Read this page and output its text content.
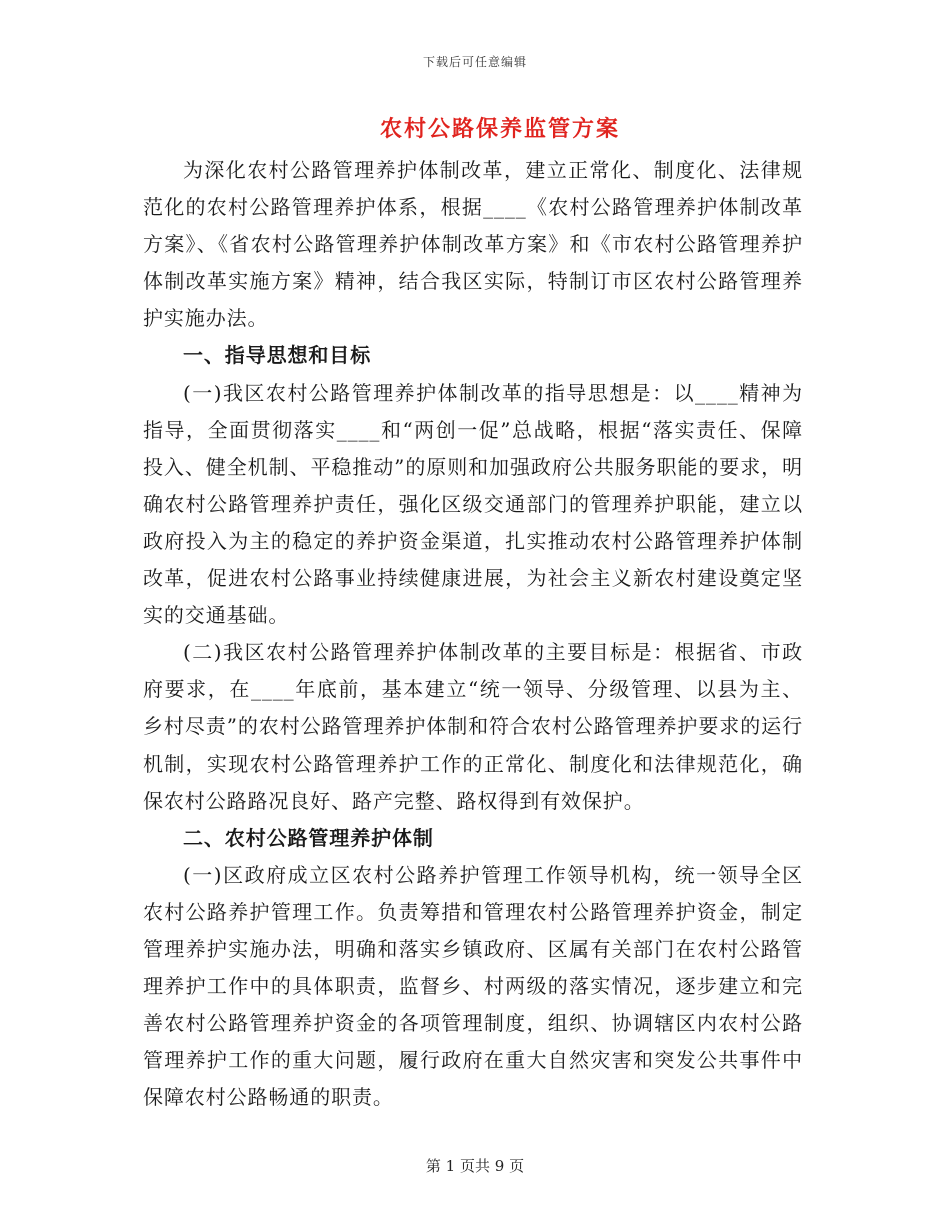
下载后可任意编辑
农村公路保养监管方案

为深化农村公路管理养护体制改革，建立正常化、制度化、法律规范化的农村公路管理养护体系，根据____《农村公路管理养护体制改革方案》、《省农村公路管理养护体制改革方案》和《市农村公路管理养护体制改革实施方案》精神，结合我区实际，特制订市区农村公路管理养护实施办法。

一、指导思想和目标

(一)我区农村公路管理养护体制改革的指导思想是：以____精神为指导，全面贯彻落实____和“两创一促”总战略，根据“落实责任、保障投入、健全机制、平稳推动”的原则和加强政府公共服务职能的要求，明确农村公路管理养护责任，强化区级交通部门的管理养护职能，建立以政府投入为主的稳定的养护资金渠道，扎实推动农村公路管理养护体制改革，促进农村公路事业持续健康进展，为社会主义新农村建设奠定坚实的交通基础。

(二)我区农村公路管理养护体制改革的主要目标是：根据省、市政府要求，在____年底前，基本建立“统一领导、分级管理、以县为主、乡村尽责”的农村公路管理养护体制和符合农村公路管理养护要求的运行机制，实现农村公路管理养护工作的正常化、制度化和法律规范化，确保农村公路路况良好、路产完整、路权得到有效保护。

二、农村公路管理养护体制

(一)区政府成立区农村公路养护管理工作领导机构，统一领导全区农村公路养护管理工作。负责筹措和管理农村公路管理养护资金，制定管理养护实施办法，明确和落实乡镇政府、区属有关部门在农村公路管理养护工作中的具体职责，监督乡、村两级的落实情况，逐步建立和完善农村公路管理养护资金的各项管理制度，组织、协调辖区内农村公路管理养护工作的重大问题，履行政府在重大自然灾害和突发公共事件中保障农村公路畅通的职责。

第 1 页共 9 页
